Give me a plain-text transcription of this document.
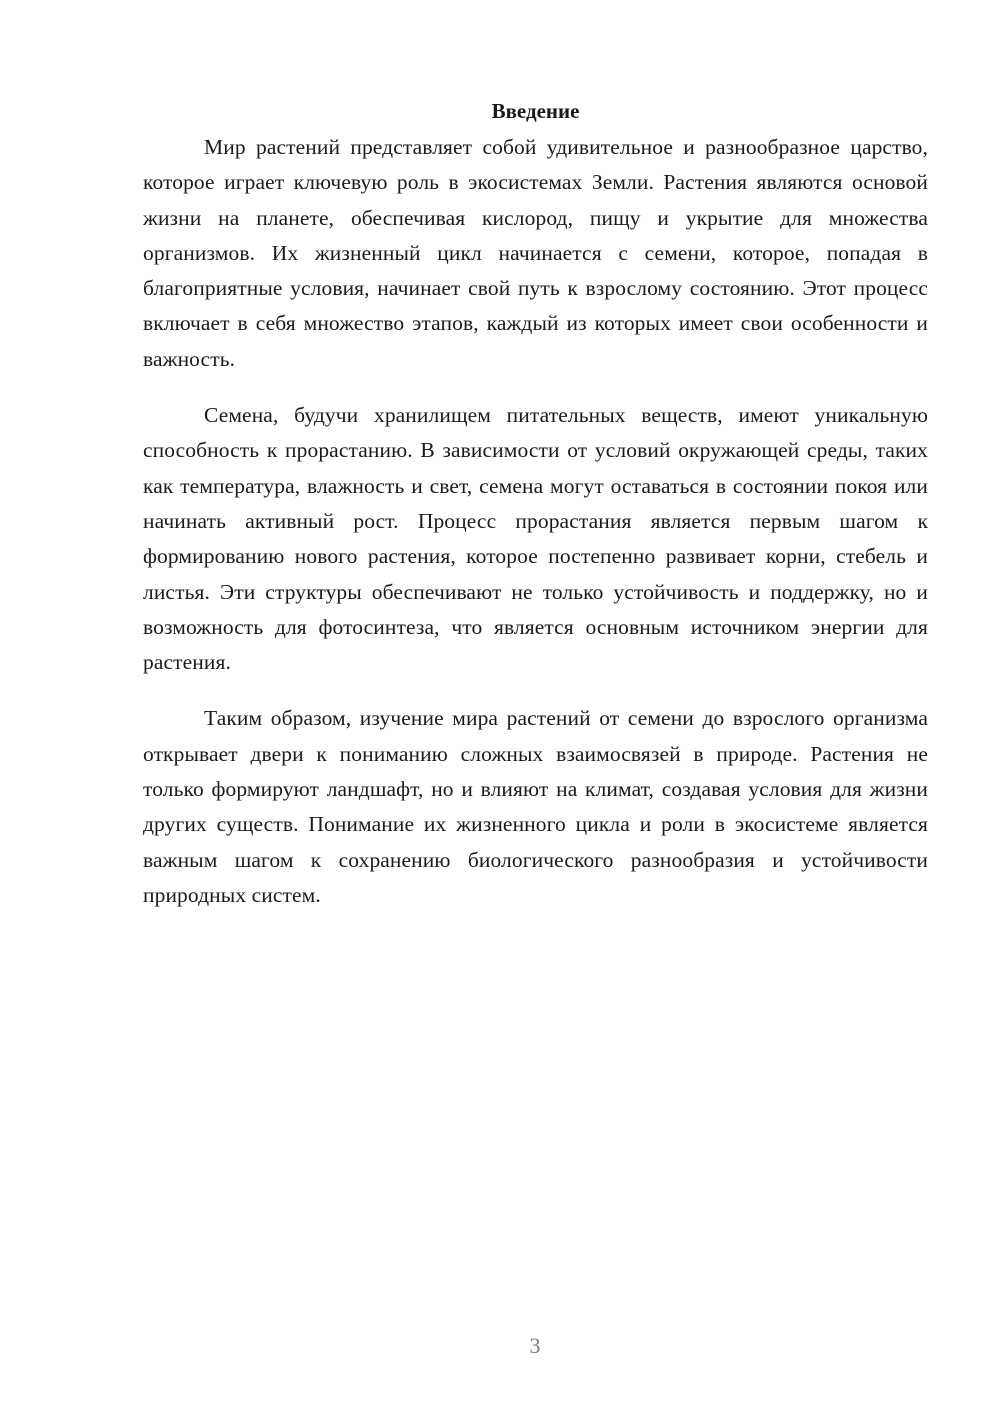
Введение

Мир растений представляет собой удивительное и разнообразное царство, которое играет ключевую роль в экосистемах Земли. Растения являются основой жизни на планете, обеспечивая кислород, пищу и укрытие для множества организмов. Их жизненный цикл начинается с семени, которое, попадая в благоприятные условия, начинает свой путь к взрослому состоянию. Этот процесс включает в себя множество этапов, каждый из которых имеет свои особенности и важность.

Семена, будучи хранилищем питательных веществ, имеют уникальную способность к прорастанию. В зависимости от условий окружающей среды, таких как температура, влажность и свет, семена могут оставаться в состоянии покоя или начинать активный рост. Процесс прорастания является первым шагом к формированию нового растения, которое постепенно развивает корни, стебель и листья. Эти структуры обеспечивают не только устойчивость и поддержку, но и возможность для фотосинтеза, что является основным источником энергии для растения.

Таким образом, изучение мира растений от семени до взрослого организма открывает двери к пониманию сложных взаимосвязей в природе. Растения не только формируют ландшафт, но и влияют на климат, создавая условия для жизни других существ. Понимание их жизненного цикла и роли в экосистеме является важным шагом к сохранению биологического разнообразия и устойчивости природных систем.

3
